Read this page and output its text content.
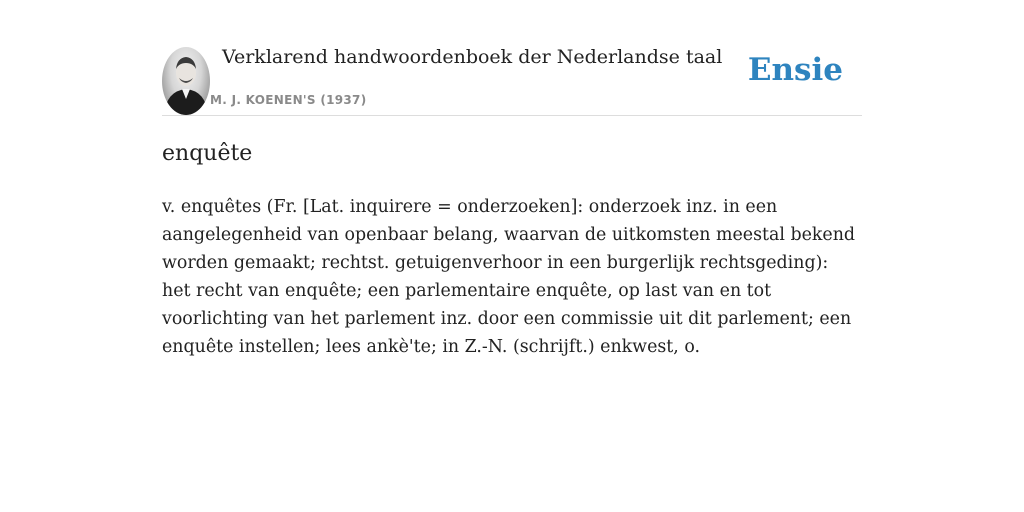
Verklarend handwoordenboek der Nederlandse taal
M. J. KOENEN'S (1937)
Ensie
enquête

v. enquêtes (Fr. [Lat. inquirere = onderzoeken]: onderzoek inz. in een aangelegenheid van openbaar belang, waarvan de uitkomsten meestal bekend worden gemaakt; rechtst. getuigenverhoor in een burgerlijk rechtsgeding): het recht van enquête; een parlementaire enquête, op last van en tot voorlichting van het parlement inz. door een commissie uit dit parlement; een enquête instellen; lees ankè'te; in Z.-N. (schrijft.) enkwest, o.
